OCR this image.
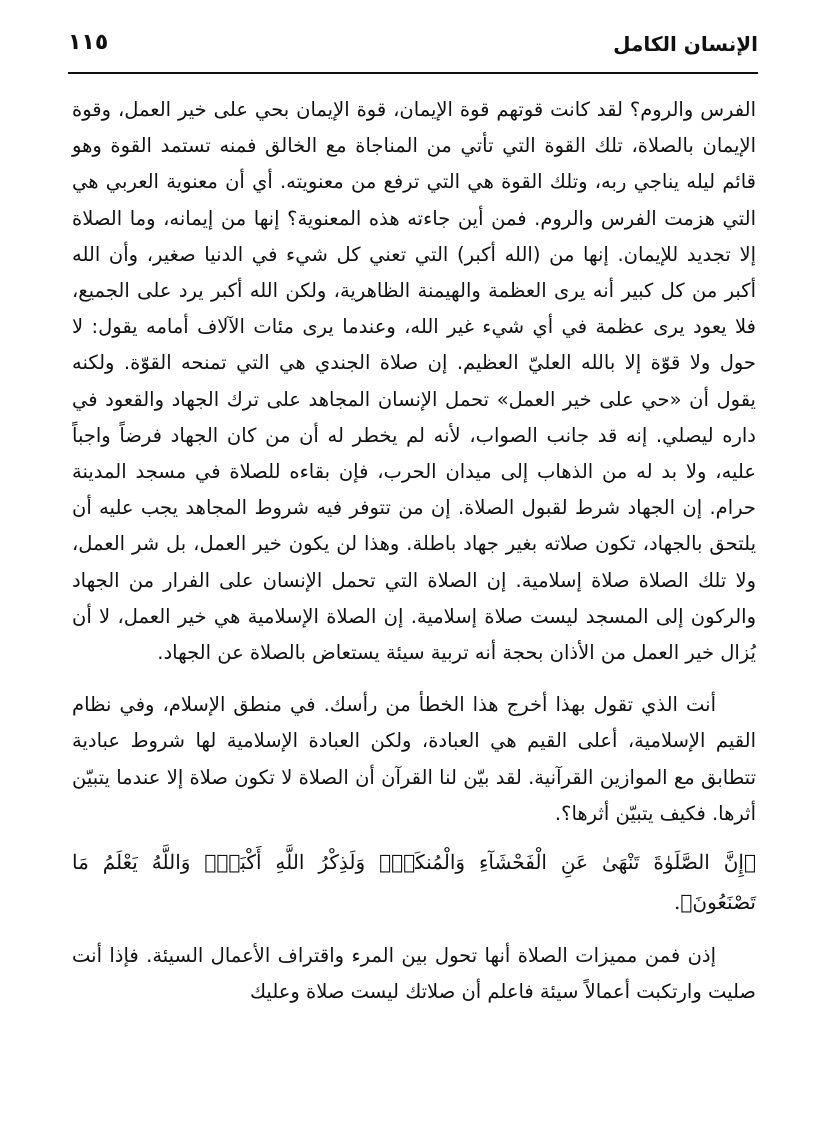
الإنسان الكامل
١١٥

الفرس والروم؟ لقد كانت قوتهم قوة الإيمان، قوة الإيمان بحي على خير العمل، وقوة الإيمان بالصلاة، تلك القوة التي تأتي من المناجاة مع الخالق فمنه تستمد القوة وهو قائم ليله يناجي ربه، وتلك القوة هي التي ترفع من معنويته. أي أن معنوية العربي هي التي هزمت الفرس والروم. فمن أين جاءته هذه المعنوية؟ إنها من إيمانه، وما الصلاة إلا تجديد للإيمان. إنها من (الله أكبر) التي تعني كل شيء في الدنيا صغير، وأن الله أكبر من كل كبير أنه يرى العظمة والهيمنة الظاهرية، ولكن الله أكبر يرد على الجميع، فلا يعود يرى عظمة في أي شيء غير الله، وعندما يرى مئات الآلاف أمامه يقول: لا حول ولا قوّة إلا بالله العليّ العظيم. إن صلاة الجندي هي التي تمنحه القوّة. ولكنه يقول أن «حي على خير العمل» تحمل الإنسان المجاهد على ترك الجهاد والقعود في داره ليصلي. إنه قد جانب الصواب، لأنه لم يخطر له أن من كان الجهاد فرضاً واجباً عليه، ولا بد له من الذهاب إلى ميدان الحرب، فإن بقاءه للصلاة في مسجد المدينة حرام. إن الجهاد شرط لقبول الصلاة. إن من تتوفر فيه شروط المجاهد يجب عليه أن يلتحق بالجهاد، تكون صلاته بغير جهاد باطلة. وهذا لن يكون خير العمل، بل شر العمل، ولا تلك الصلاة صلاة إسلامية. إن الصلاة التي تحمل الإنسان على الفرار من الجهاد والركون إلى المسجد ليست صلاة إسلامية. إن الصلاة الإسلامية هي خير العمل، لا أن يُزال خير العمل من الأذان بحجة أنه تربية سيئة يستعاض بالصلاة عن الجهاد.

أنت الذي تقول بهذا أخرج هذا الخطأ من رأسك. في منطق الإسلام، وفي نظام القيم الإسلامية، أعلى القيم هي العبادة، ولكن العبادة الإسلامية لها شروط عبادية تتطابق مع الموازين القرآنية. لقد بيّن لنا القرآن أن الصلاة لا تكون صلاة إلا عندما يتبيّن أثرها. فكيف يتبيّن أثرها؟.

﴿إِنَّ الصَّلَوٰةَ تَنْهَىٰ عَنِ الْفَحْشَآءِ وَالْمُنكَرِۗ وَلَذِكْرُ اللَّهِ أَكْبَرُۗ وَاللَّهُ يَعْلَمُ مَا تَصْنَعُونَ﴾.

إذن فمن مميزات الصلاة أنها تحول بين المرء واقتراف الأعمال السيئة. فإذا أنت صليت وارتكبت أعمالاً سيئة فاعلم أن صلاتك ليست صلاة وعليك
